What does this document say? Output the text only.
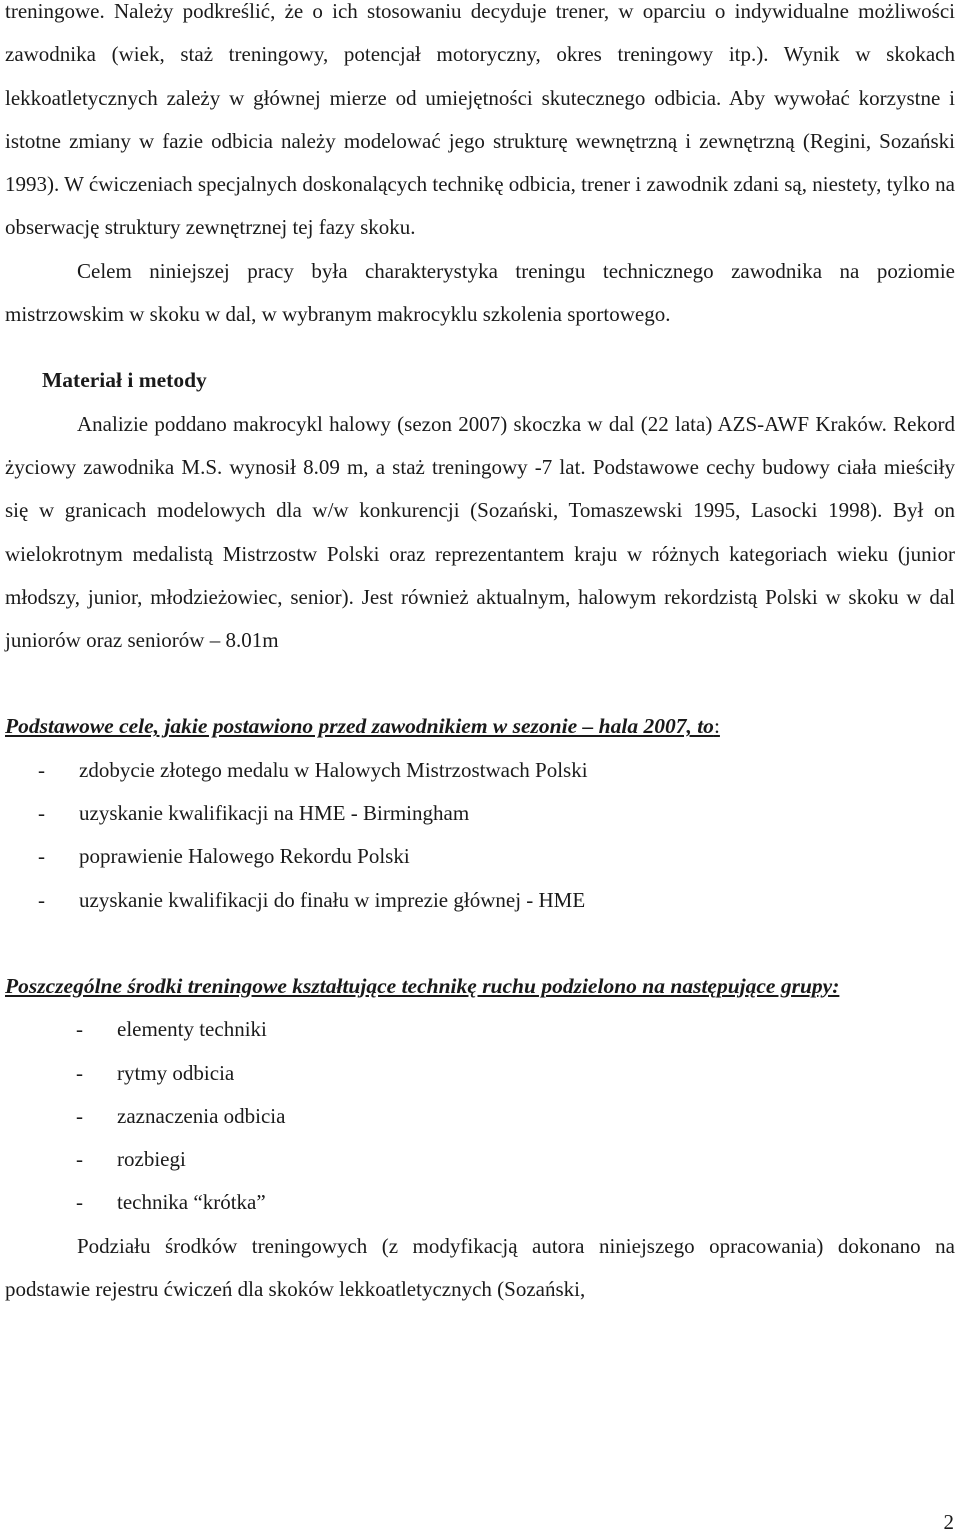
treningowe. Należy podkreślić, że o ich stosowaniu decyduje trener, w oparciu o indywidualne możliwości zawodnika (wiek, staż treningowy, potencjał motoryczny, okres treningowy itp.). Wynik w skokach lekkoatletycznych zależy w głównej mierze od umiejętności skutecznego odbicia. Aby wywołać korzystne i istotne zmiany w fazie odbicia należy modelować jego strukturę wewnętrzną i zewnętrzną (Regini, Sozański 1993). W ćwiczeniach specjalnych doskonalących technikę odbicia, trener i zawodnik zdani są, niestety, tylko na obserwację struktury zewnętrznej tej fazy skoku.

Celem niniejszej pracy była charakterystyka treningu technicznego zawodnika na poziomie mistrzowskim w skoku w dal, w wybranym makrocyklu szkolenia sportowego.

Materiał i metody

Analizie poddano makrocykl halowy (sezon 2007) skoczka w dal (22 lata) AZS-AWF Kraków. Rekord życiowy zawodnika M.S. wynosił 8.09 m, a staż treningowy -7 lat. Podstawowe cechy budowy ciała mieściły się w granicach modelowych dla w/w konkurencji (Sozański, Tomaszewski 1995, Lasocki 1998). Był on wielokrotnym medalistą Mistrzostw Polski oraz reprezentantem kraju w różnych kategoriach wieku (junior młodszy, junior, młodzieżowiec, senior). Jest również aktualnym, halowym rekordzistą Polski w skoku w dal juniorów oraz seniorów – 8.01m

Podstawowe cele, jakie postawiono przed zawodnikiem w sezonie – hala 2007, to:

- zdobycie złotego medalu w Halowych Mistrzostwach Polski
- uzyskanie kwalifikacji na HME - Birmingham
- poprawienie Halowego Rekordu Polski
- uzyskanie kwalifikacji do finału w imprezie głównej - HME

Poszczególne środki treningowe kształtujące technikę ruchu podzielono na następujące grupy:

- elementy techniki
- rytmy odbicia
- zaznaczenia odbicia
- rozbiegi
- technika “krótka”

Podziału środków treningowych (z modyfikacją autora niniejszego opracowania) dokonano na podstawie rejestru ćwiczeń dla skoków lekkoatletycznych (Sozański,

2
